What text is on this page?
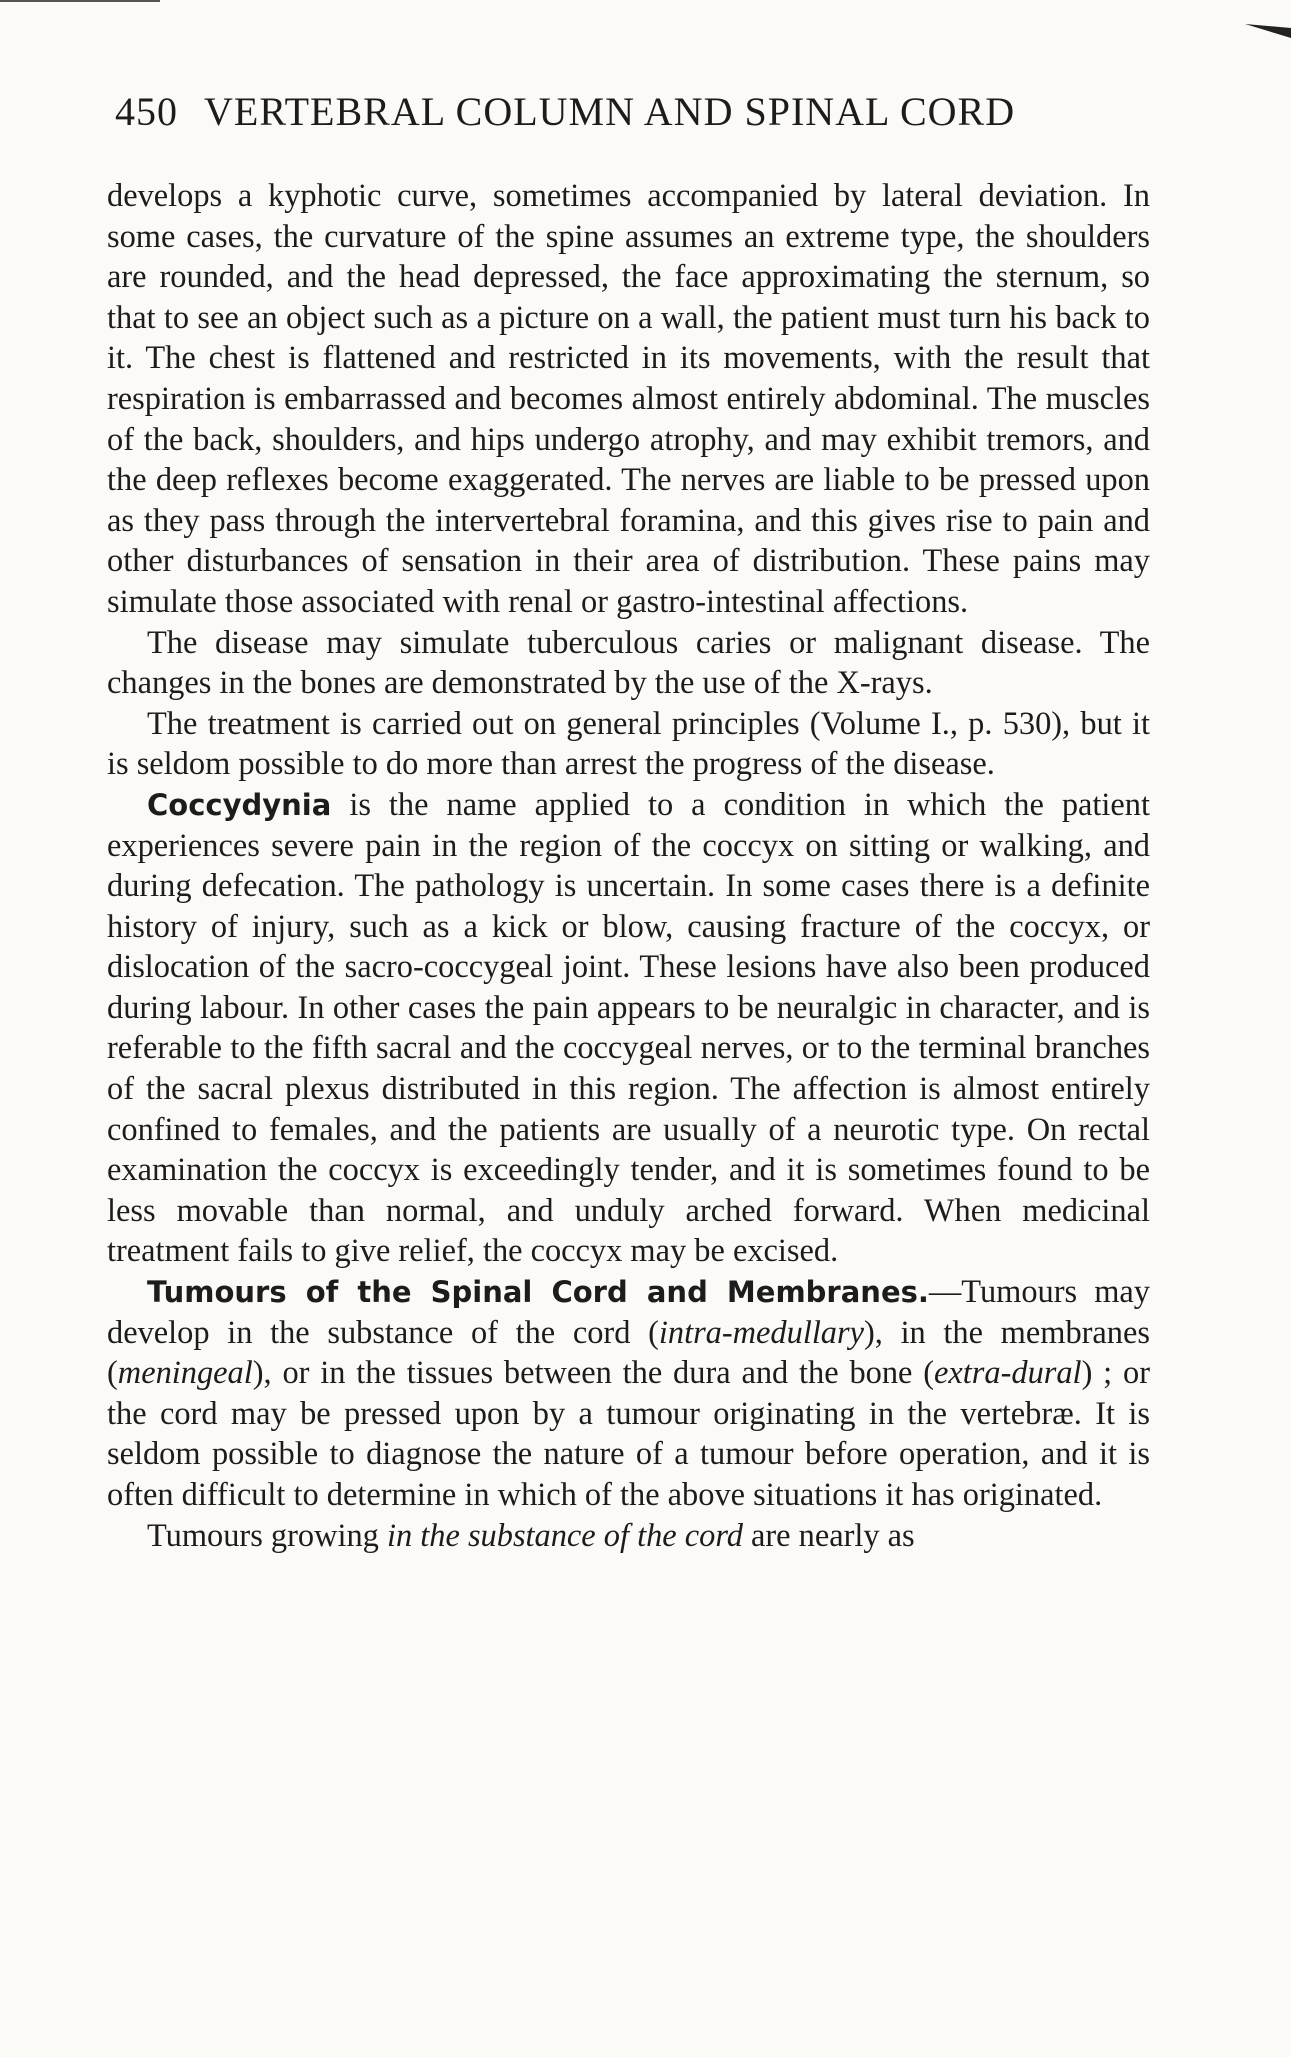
450 VERTEBRAL COLUMN AND SPINAL CORD

develops a kyphotic curve, sometimes accompanied by lateral deviation. In some cases, the curvature of the spine assumes an extreme type, the shoulders are rounded, and the head depressed, the face approximating the sternum, so that to see an object such as a picture on a wall, the patient must turn his back to it. The chest is flattened and restricted in its movements, with the result that respiration is embarrassed and becomes almost entirely abdominal. The muscles of the back, shoulders, and hips undergo atrophy, and may exhibit tremors, and the deep reflexes become exaggerated. The nerves are liable to be pressed upon as they pass through the intervertebral foramina, and this gives rise to pain and other disturbances of sensation in their area of distribution. These pains may simulate those associated with renal or gastro-intestinal affections.

The disease may simulate tuberculous caries or malignant disease. The changes in the bones are demonstrated by the use of the X-rays.

The treatment is carried out on general principles (Volume I., p. 530), but it is seldom possible to do more than arrest the progress of the disease.

Coccydynia is the name applied to a condition in which the patient experiences severe pain in the region of the coccyx on sitting or walking, and during defecation. The pathology is uncertain. In some cases there is a definite history of injury, such as a kick or blow, causing fracture of the coccyx, or dislocation of the sacro-coccygeal joint. These lesions have also been produced during labour. In other cases the pain appears to be neuralgic in character, and is referable to the fifth sacral and the coccygeal nerves, or to the terminal branches of the sacral plexus distributed in this region. The affection is almost entirely confined to females, and the patients are usually of a neurotic type. On rectal examination the coccyx is exceedingly tender, and it is sometimes found to be less movable than normal, and unduly arched forward. When medicinal treatment fails to give relief, the coccyx may be excised.

Tumours of the Spinal Cord and Membranes.—Tumours may develop in the substance of the cord (intra-medullary), in the membranes (meningeal), or in the tissues between the dura and the bone (extra-dural) ; or the cord may be pressed upon by a tumour originating in the vertebræ. It is seldom possible to diagnose the nature of a tumour before operation, and it is often difficult to determine in which of the above situations it has originated.

Tumours growing in the substance of the cord are nearly as
